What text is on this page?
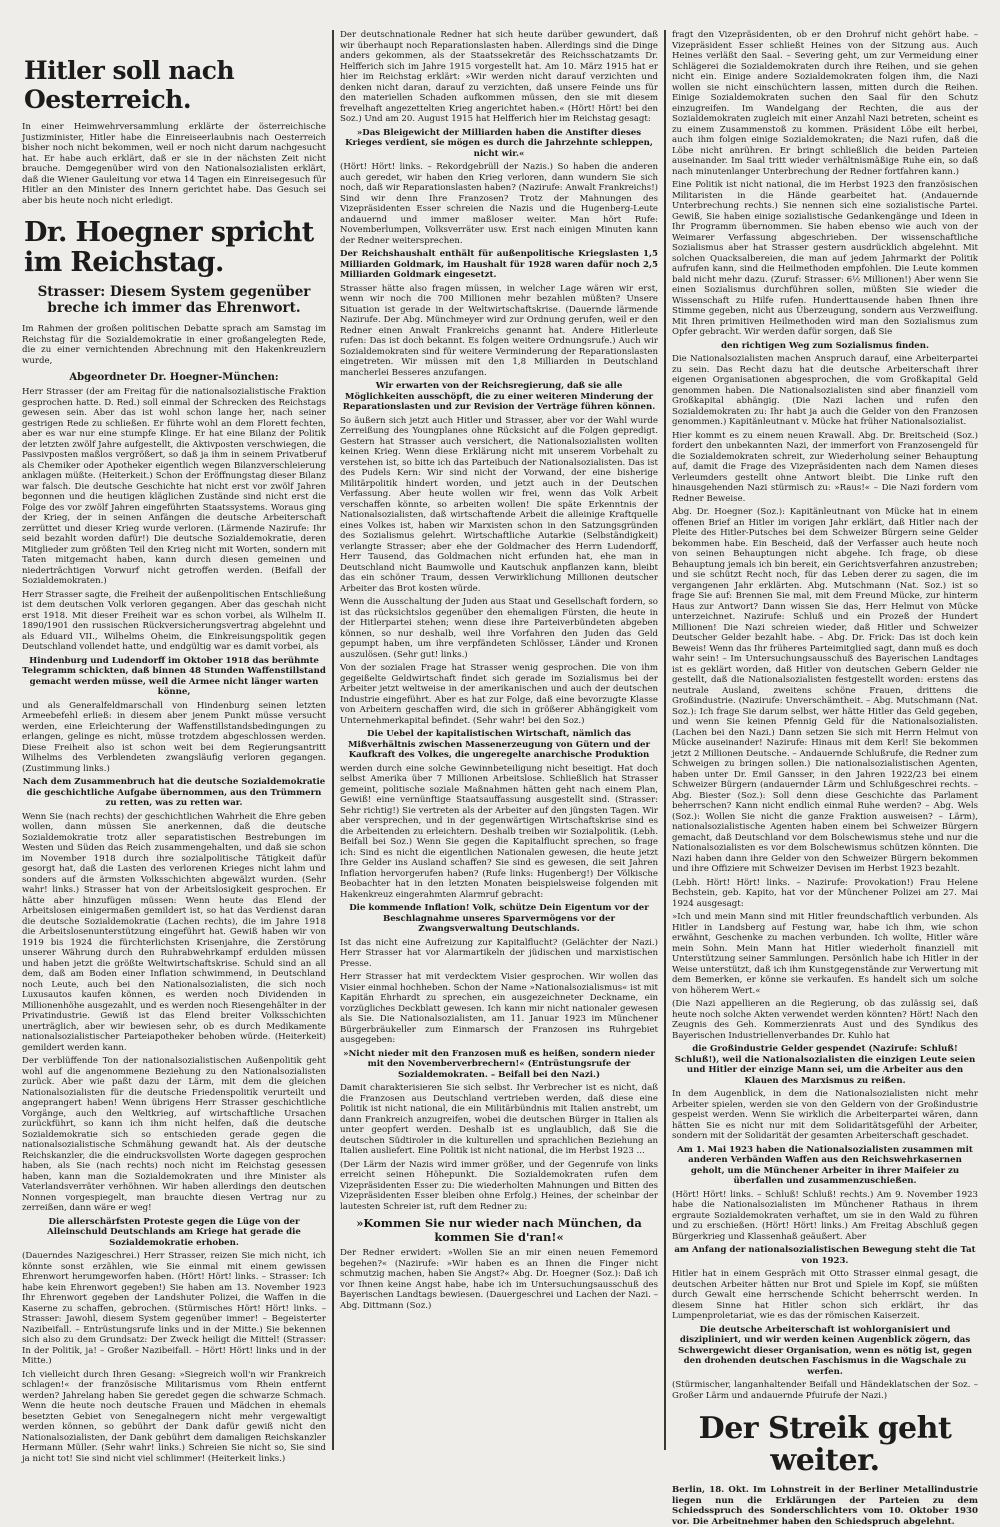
Hitler soll nach Oesterreich.

In einer Heimwehrversammlung erklärte der österreichische Justizminister, Hitler habe die Einreiseerlaubnis nach Oesterreich bisher noch nicht bekommen, weil er noch nicht darum nachgesucht hat. Er habe auch erklärt, daß er sie in der nächsten Zeit nicht brauche. Demgegenüber wird von den Nationalsozialisten erklärt, daß die Wiener Gauleitung vor etwa 14 Tagen ein Einreisegesuch für Hitler an den Minister des Innern gerichtet habe. Das Gesuch sei aber bis heute noch nicht erledigt.

Dr. Hoegner spricht im Reichstag.
Strasser: Diesem System gegenüber breche ich immer das Ehrenwort.

Im Rahmen der großen politischen Debatte sprach am Samstag im Reichstag für die Sozialdemokratie in einer großangelegten Rede, die zu einer vernichtenden Abrechnung mit den Hakenkreuzlern wurde,

Abgeordneter Dr. Hoegner-München:

Herr Strasser (der am Freitag für die nationalsozialistische Fraktion gesprochen hatte. D. Red.) soll einmal der Schrecken des Reichstags gewesen sein. Aber das ist wohl schon lange her, nach seiner gestrigen Rede zu schließen. Er führte wohl an dem Florett fechten, aber es war nur eine stumpfe Klinge. Er hat eine Bilanz der Politik der letzten zwölf Jahre aufgestellt, die Aktivposten verschwiegen, die Passivposten maßlos vergrößert, so daß ja ihm in seinem Privatberuf als Chemiker oder Apotheker eigentlich wegen Bilanzverschleierung anklagen müßte. (Heiterkeit.) Schon der Eröffnungstag dieser Bilanz war falsch. Die deutsche Geschichte hat nicht erst vor zwölf Jahren begonnen und die heutigen kläglichen Zustände sind nicht erst die Folge des vor zwölf Jahren eingeführten Staatssystems. Woraus ging der Krieg, der in seinen Anfängen die deutsche Arbeiterschaft zerrüttet und dieser Krieg wurde verloren. (Lärmende Nazirufe: Ihr seid bezahlt worden dafür!) Die deutsche Sozialdemokratie, deren Mitglieder zum größten Teil den Krieg nicht mit Worten, sondern mit Taten mitgemacht haben, kann durch diesen gemeinen und niederträchtigen Vorwurf nicht getroffen werden. (Beifall der Sozialdemokraten.)

Herr Strasser sagte, die Freiheit der außenpolitischen Entschließung ist dem deutschen Volk verloren gegangen. Aber das geschah nicht erst 1918. Mit dieser Freiheit war es schon vorbei, als Wilhelm II. 1890/1901 den russischen Rückversicherungsvertrag abgelehnt und als Eduard VII., Wilhelms Oheim, die Einkreisungspolitik gegen Deutschland vollendet hatte, und endgültig war es damit vorbei, als

Hindenburg und Ludendorff im Oktober 1918 das berühmte Telegramm schickten, daß binnen 48 Stunden Waffenstillstand gemacht werden müsse, weil die Armee nicht länger warten könne,

und als Generalfeldmarschall von Hindenburg seinen letzten Armeebefehl erließ: in diesem aber jenem Punkt müsse versucht werden, eine Erleichterung der Waffenstillstandsbedingungen zu erlangen, gelinge es nicht, müsse trotzdem abgeschlossen werden. Diese Freiheit also ist schon weit bei dem Regierungsantritt Wilhelms des Verblendeten zwangsläufig verloren gegangen. (Zustimmung links.)

Nach dem Zusammenbruch hat die deutsche Sozialdemokratie die geschichtliche Aufgabe übernommen, aus den Trümmern zu retten, was zu retten war.

Wenn Sie (nach rechts) der geschichtlichen Wahrheit die Ehre geben wollen, dann müssen Sie anerkennen, daß die deutsche Sozialdemokratie trotz aller separatistischen Bestrebungen im Westen und Süden das Reich zusammengehalten, und daß sie schon im November 1918 durch ihre sozialpolitische Tätigkeit dafür gesorgt hat, daß die Lasten des verlorenen Krieges nicht lahm und sonders auf die ärmsten Volksschichten abgewälzt wurden. (Sehr wahr! links.) Strasser hat von der Arbeitslosigkeit gesprochen. Er hätte aber hinzufügen müssen: Wenn heute das Elend der Arbeitslosen einigermaßen gemildert ist, so hat das Verdienst daran die deutsche Sozialdemokratie (Lachen rechts), die im Jahre 1918 die Arbeitslosenunterstützung eingeführt hat. Gewiß haben wir von 1919 bis 1924 die fürchterlichsten Krisenjahre, die Zerstörung unserer Währung durch den Ruhrabwehrkampf erdulden müssen und haben jetzt die größte Weltwirtschaftskrise. Schuld sind an all dem, daß am Boden einer Inflation schwimmend, in Deutschland noch Leute, auch bei den Nationalsozialisten, die sich noch Luxusautos kaufen können, es werden noch Dividenden in Millionenhöhe ausgezahlt, und es werden noch Riesengehälter in der Privatindustrie. Gewiß ist das Elend breiter Volksschichten unerträglich, aber wir bewiesen sehr, ob es durch Medikamente nationalsozialistischer Parteiapotheker behoben würde. (Heiterkeit) gemildert werden kann.

Der verblüffende Ton der nationalsozialistischen Außenpolitik geht wohl auf die angenommene Beziehung zu den Nationalsozialisten zurück. Aber wie paßt dazu der Lärm, mit dem die gleichen Nationalsozialisten für die deutsche Friedenspolitik verurteilt und angeprangert haben! Wenn übrigens Herr Strasser geschichtliche Vorgänge, auch den Weltkrieg, auf wirtschaftliche Ursachen zurückführt, so kann ich ihm nicht helfen, daß die deutsche Sozialdemokratie sich so entschieden gerade gegen die nationalsozialistische Schmähung gewandt hat. Als der deutsche Reichskanzler, die die eindrucksvollsten Worte dagegen gesprochen haben, als Sie (nach rechts) noch nicht im Reichstag gesessen haben, kann man die Sozialdemokraten und ihre Minister als Vaterlandsverräter verhöhnen. Wir haben allerdings den deutschen Nonnen vorgespiegelt, man brauchte diesen Vertrag nur zu zerreißen, dann wäre er weg!

Die allerschärfsten Proteste gegen die Lüge von der Alleinschuld Deutschlands am Kriege hat gerade die Sozialdemokratie erhoben.

(Dauerndes Nazigeschrei.) Herr Strasser, reizen Sie mich nicht, ich könnte sonst erzählen, wie Sie einmal mit einem gewissen Ehrenwort herumgeworfen haben. (Hört! Hört! links. – Strasser: Ich habe kein Ehrenwort gegeben!) Sie haben am 13. November 1923 Ihr Ehrenwort gegeben der Landshuter Polizei, die Waffen in die Kaserne zu schaffen, gebrochen. (Stürmisches Hört! Hört! links. – Strasser: Jawohl, diesem System gegenüber immer! – Begeisterter Nazibeifall. – Entrüstungsrufe links und in der Mitte.) Sie bekennen sich also zu dem Grundsatz: Der Zweck heiligt die Mittel! (Strasser: In der Politik, ja! – Großer Nazibeifall. – Hört! Hört! links und in der Mitte.)

Ich vielleicht durch Ihren Gesang: »Siegreich woll'n wir Frankreich schlagen!« der französische Militarismus vom Rhein entfernt werden? Jahrelang haben Sie geredet gegen die schwarze Schmach. Wenn die heute noch deutsche Frauen und Mädchen in ehemals besetzten Gebiet von Senegalnegern nicht mehr vergewaltigt werden können, so gebührt der Dank dafür gewiß nicht den Nationalsozialisten, der Dank gebührt dem damaligen Reichskanzler Hermann Müller. (Sehr wahr! links.) Schreien Sie nicht so, Sie sind ja nicht tot! Sie sind nicht viel schlimmer! (Heiterkeit links.)

Der deutschnationale Redner hat sich heute darüber gewundert, daß wir überhaupt noch Reparationslasten haben. Allerdings sind die Dinge anders gekommen, als der Staatssekretär des Reichsschatzamts Dr. Helfferich sich im Jahre 1915 vorgestellt hat. Am 10. März 1915 hat er hier im Reichstag erklärt: »Wir werden nicht darauf verzichten und denken nicht daran, darauf zu verzichten, daß unsere Feinde uns für den materiellen Schaden aufkommen müssen, den sie mit diesem frevelhaft angezettelten Krieg angerichtet haben.« (Hört! Hört! bei den Soz.) Und am 20. August 1915 hat Helfferich hier im Reichstag gesagt:

»Das Bleigewicht der Milliarden haben die Anstifter dieses Krieges verdient, sie mögen es durch die Jahrzehnte schleppen, nicht wir.«

(Hört! Hört! links. – Rekordgebrüll der Nazis.) So haben die anderen auch geredet, wir haben den Krieg verloren, dann wundern Sie sich noch, daß wir Reparationslasten haben? (Nazirufe: Anwalt Frankreichs!) Sind wir denn Ihre Franzosen? Trotz der Mahnungen des Vizepräsidenten Esser schreien die Nazis und die Hugenberg-Leute andauernd und immer maßloser weiter. Man hört Rufe: Novemberlumpen, Volksverräter usw. Erst nach einigen Minuten kann der Redner weitersprechen.

Der Reichshaushalt enthält für außenpolitische Kriegslasten 1,5 Milliarden Goldmark, im Haushalt für 1928 waren dafür noch 2,5 Milliarden Goldmark eingesetzt.

Strasser hätte also fragen müssen, in welcher Lage wären wir erst, wenn wir noch die 700 Millionen mehr bezahlen müßten? Unsere Situation ist gerade in der Weltwirtschaftskrise. (Dauernde lärmende Nazirufe. Der Abg. Münchmeyer wird zur Ordnung gerufen, weil er den Redner einen Anwalt Frankreichs genannt hat. Andere Hitlerleute rufen: Das ist doch bekannt. Es folgen weitere Ordnungsrufe.) Auch wir Sozialdemokraten sind für weitere Verminderung der Reparationslasten eingetreten. Wir müssen mit den 1,8 Milliarden in Deutschland mancherlei Besseres anzufangen.

Wir erwarten von der Reichsregierung, daß sie alle Möglichkeiten ausschöpft, die zu einer weiteren Minderung der Reparationslasten und zur Revision der Verträge führen können.

So äußern sich jetzt auch Hitler und Strasser, aber vor der Wahl wurde Zerreißung des Youngplanes ohne Rücksicht auf die Folgen gepredigt. Gestern hat Strasser auch versichert, die Nationalsozialisten wollten keinen Krieg. Wenn diese Erklärung nicht mit unserem Vorbehalt zu verstehen ist, so bitte ich das Parteibuch der Nationalsozialisten. Das ist des Pudels Kern: Wir sind nicht der Vorwand, der eine bisherige Militärpolitik hindert worden, und jetzt auch in der Deutschen Verfassung. Aber heute wollen wir frei, wenn das Volk Arbeit verschaffen könnte, so arbeiten wollen! Die späte Erkenntnis der Nationalsozialisten, daß wirtschaftende Arbeit die alleinige Kraftquelle eines Volkes ist, haben wir Marxisten schon in den Satzungsgründen des Sozialismus gelehrt. Wirtschaftliche Autarkie (Selbständigkeit) verlangte Strasser; aber ehe der Goldmacher des Herrn Ludendorff, Herr Tausend, das Goldmachen nicht erfunden hat, ehe man in Deutschland nicht Baumwolle und Kautschuk anpflanzen kann, bleibt das ein schöner Traum, dessen Verwirklichung Millionen deutscher Arbeiter das Brot kosten würde.

Wenn die Ausschaltung der Juden aus Staat und Gesellschaft fordern, so ist das rücksichtslos gegenüber den ehemaligen Fürsten, die heute in der Hitlerpartei stehen; wenn diese ihre Parteiverbündeten abgeben können, so nur deshalb, weil ihre Vorfahren den Juden das Geld gepumpt haben, um ihre verpfändeten Schlösser, Länder und Kronen auszulösen. (Sehr gut! links.)

Von der sozialen Frage hat Strasser wenig gesprochen. Die von ihm gegeißelte Geldwirtschaft findet sich gerade im Sozialismus bei der Arbeiter jetzt weltweise in der amerikanischen und auch der deutschen Industrie eingeführt. Aber es hat zur Folge, daß eine bevorzugte Klasse von Arbeitern geschaffen wird, die sich in größerer Abhängigkeit vom Unternehmerkapital befindet. (Sehr wahr! bei den Soz.)

Die Uebel der kapitalistischen Wirtschaft, nämlich das Mißverhältnis zwischen Massenerzeugung von Gütern und der Kaufkraft des Volkes, die ungeregelte anarchische Produktion

werden durch eine solche Gewinnbeteiligung nicht beseitigt. Hat doch selbst Amerika über 7 Millionen Arbeitslose. Schließlich hat Strasser gemeint, politische soziale Maßnahmen hätten geht nach einem Plan, Gewiß! eine vernünftige Staatsauffassung ausgestellt sind. (Strasser: Sehr richtig!) Sie vertreten als der Arbeiter auf den jüngsten Tagen. Wir aber versprechen, und in der gegenwärtigen Wirtschaftskrise sind es die Arbeitenden zu erleichtern. Deshalb treiben wir Sozialpolitik. (Lebh. Beifall bei Soz.) Wenn Sie gegen die Kapitalflucht sprechen, so frage ich: Sind es nicht die eigentlichen Nationalen gewesen, die heute jetzt Ihre Gelder ins Ausland schaffen? Sie sind es gewesen, die seit Jahren Inflation hervorgerufen haben? (Rufe links: Hugenberg!) Der Völkische Beobachter hat in den letzten Monaten beispielsweise folgenden mit Hakenkreuz eingerahmten Alarmruf gebracht:

Die kommende Inflation! Volk, schütze Dein Eigentum vor der Beschlagnahme unseres Sparvermögens vor der Zwangsverwaltung Deutschlands.

Ist das nicht eine Aufreizung zur Kapitalflucht? (Gelächter der Nazi.) Herr Strasser hat vor Alarmartikeln der jüdischen und marxistischen Presse.

Herr Strasser hat mit verdecktem Visier gesprochen. Wir wollen das Visier einmal hochheben. Schon der Name »Nationalsozialismus« ist mit Kapitän Ehrhardt zu sprechen, ein ausgezeichneter Deckname, ein vorzügliches Deckblatt gewesen. Ich kann mir nicht nationaler gewesen als Sie. Die Nationalsozialisten, am 11. Januar 1923 im Münchener Bürgerbräukeller zum Einmarsch der Franzosen ins Ruhrgebiet ausgegeben:

»Nicht nieder mit den Franzosen muß es heißen, sondern nieder mit den Novemberverbrechern!« (Entrüstungsrufe der Sozialdemokraten. – Beifall bei den Nazi.)

Damit charakterisieren Sie sich selbst. Ihr Verbrecher ist es nicht, daß die Franzosen aus Deutschland vertrieben werden, daß diese eine Politik ist nicht national, die ein Militärbündnis mit Italien anstrebt, um dann Frankreich anzugreifen, wobei die deutschen Bürger in Italien als unter geopfert werden. Deshalb ist es unglaublich, daß Sie die deutschen Südtiroler in die kulturellen und sprachlichen Beziehung an Italien ausliefert. Eine Politik ist nicht national, die im Herbst 1923 ...

(Der Lärm der Nazis wird immer größer, und der Gegenrufe von links erreicht seinen Höhepunkt. Die Sozialdemokraten rufen dem Vizepräsidenten Esser zu: Die wiederholten Mahnungen und Bitten des Vizepräsidenten Esser bleiben ohne Erfolg.) Heines, der scheinbar der lautesten Schreier ist, ruft dem Redner zu:

»Kommen Sie nur wieder nach München, da kommen Sie d'ran!«

Der Redner erwidert: »Wollen Sie an mir einen neuen Fememord begehen?« (Nazirufe: »Wir haben es an Ihnen die Finger nicht schmutzig machen, haben Sie Angst?« Abg. Dr. Hoegner (Soz.): Daß ich vor Ihnen keine Angst habe, habe ich im Untersuchungsausschuß des Bayerischen Landtags bewiesen. (Dauergeschrei und Lachen der Nazi. – Abg. Dittmann (Soz.)

fragt den Vizepräsidenten, ob er den Drohruf nicht gehört habe. – Vizepräsident Esser schließt Heines von der Sitzung aus. Auch Heines verläßt den Saal. – Severing geht, um zur Vermeidung einer Schlägerei die Sozialdemokraten durch ihre Reihen, und sie gehen nicht ein. Einige andere Sozialdemokraten folgen ihm, die Nazi wollen sie nicht einschüchtern lassen, mitten durch die Reihen. Einige Sozialdemokraten suchen den Saal für den Schutz einzugreifen. Im Wandelgang der Rechten, die aus der Sozialdemokraten zugleich mit einer Anzahl Nazi betreten, scheint es zu einem Zusammenstoß zu kommen. Präsident Löbe eilt herbei, auch ihm folgen einige Sozialdemokraten; die Nazi rufen, daß die Löbe nicht anrühren. Er bringt schließlich die beiden Parteien auseinander. Im Saal tritt wieder verhältnismäßige Ruhe ein, so daß nach minutenlanger Unterbrechung der Redner fortfahren kann.)

Eine Politik ist nicht national, die im Herbst 1923 den französischen Militaristen in die Hände gearbeitet hat. (Andauernde Unterbrechung rechts.) Sie nennen sich eine sozialistische Partei. Gewiß, Sie haben einige sozialistische Gedankengänge und Ideen in Ihr Programm übernommen. Sie haben ebenso wie auch von der Weimarer Verfassung abgeschrieben. Der wissenschaftliche Sozialismus aber hat Strasser gestern ausdrücklich abgelehnt. Mit solchen Quacksalbereien, die man auf jedem Jahrmarkt der Politik aufrufen kann, sind die Heilmethoden empfohlen. Die Leute kommen bald nicht mehr dazu. (Zuruf: Strasser: 6½ Millionen!) Aber wenn Sie einen Sozialismus durchführen sollen, müßten Sie wieder die Wissenschaft zu Hilfe rufen. Hunderttausende haben Ihnen ihre Stimme gegeben, nicht aus Überzeugung, sondern aus Verzweiflung. Mit Ihren primitiven Heilmethoden wird man den Sozialismus zum Opfer gebracht. Wir werden dafür sorgen, daß Sie

den richtigen Weg zum Sozialismus finden.

Die Nationalsozialisten machen Anspruch darauf, eine Arbeiterpartei zu sein. Das Recht dazu hat die deutsche Arbeiterschaft ihrer eigenen Organisationen abgesprochen, die vom Großkapital Geld genommen haben. Die Nationalsozialisten sind aber finanziell vom Großkapital abhängig. (Die Nazi lachen und rufen den Sozialdemokraten zu: Ihr habt ja auch die Gelder von den Franzosen genommen.) Kapitänleutnant v. Mücke hat früher Nationalsozialist.

Hier kommt es zu einem neuen Krawall. Abg. Dr. Breitscheid (Soz.) fordert den unbekannten Nazi, der immerfort von Franzosengeld für die Sozialdemokraten schreit, zur Wiederholung seiner Behauptung auf, damit die Frage des Vizepräsidenten nach dem Namen dieses Verleumders gestellt ohne Antwort bleibt. Die Linke ruft den hinausgehenden Nazi stürmisch zu: »Raus!« – Die Nazi fordern vom Redner Beweise.

Abg. Dr. Hoegner (Soz.): Kapitänleutnant von Mücke hat in einem offenen Brief an Hitler im vorigen Jahr erklärt, daß Hitler nach der Pleite des Hitler-Putsches bei dem Schweizer Bürgern seine Gelder bekommen habe. Ein Bescheid, daß der Verfasser auch heute noch von seinen Behauptungen nicht abgehe. Ich frage, ob diese Behauptung jemals ich bin bereit, ein Gerichtsverfahren anzustreben; und sie schützt Recht noch, für das Leben derer zu sagen, die im vergangenen Jahr erklärten. Abg. Mutschmann (Nat. Soz.) ist so frage Sie auf: Brennen Sie mal, mit dem Freund Mücke, zur hinterm Haus zur Antwort? Dann wissen Sie das, Herr Helmut von Mücke unterzeichnet. Nazirufe: Schluß und ein Prozeß der Hundert Millionen! Die Nazi schreien wieder, daß Hitler und Schweizer Deutscher Gelder bezahlt habe. – Abg. Dr. Frick: Das ist doch kein Beweis! Wenn das Ihr früheres Parteimitglied sagt, dann muß es doch wahr sein! – Im Untersuchungsausschuß des Bayerischen Landtages ist es geklärt worden, daß Hitler von deutschen Gebern Gelder nie gestellt, daß die Nationalsozialisten festgestellt worden: erstens das neutrale Ausland, zweitens schöne Frauen, drittens die Großindustrie. (Nazirufe: Unverschämtheit. – Abg. Mutschmann (Nat. Soz.): Ich frage Sie darum selbst, wer hätte Hitler das Geld gegeben, und wenn Sie keinen Pfennig Geld für die Nationalsozialisten. (Lachen bei den Nazi.) Dann setzen Sie sich mit Herrn Helmut von Mücke auseinander! Nazirufe: Hinaus mit dem Kerl! Sie bekommen jetzt 2 Millionen Deutsche. – Andauernde Schlußrufe, die Redner zum Schweigen zu bringen sollen.) Die nationalsozialistischen Agenten, haben unter Dr. Emil Gansser, in den Jahren 1922/23 bei einem Schweizer Bürgern (andauernder Lärm und Schlußgeschrei rechts. – Abg. Biester (Soz.): Soll denn diese Geschichte das Parlament beherrschen? Kann nicht endlich einmal Ruhe werden? – Abg. Wels (Soz.): Wollen Sie nicht die ganze Fraktion ausweisen? – Lärm), nationalsozialistische Agenten haben einem bei Schweizer Bürgern gemacht, daß Deutschland vor dem Bolschewismus stehe und nur die Nationalsozialisten es vor dem Bolschewismus schützen könnten. Die Nazi haben dann ihre Gelder von den Schweizer Bürgern bekommen und ihre Offiziere mit Schweizer Devisen im Herbst 1923 bezahlt.

(Lebh. Hört! Hört! links. – Nazirufe: Provokation!) Frau Helene Bechstein, geb. Kapito, hat vor der Münchener Polizei am 27. Mai 1924 ausgesagt:

»Ich und mein Mann sind mit Hitler freundschaftlich verbunden. Als Hitler in Landsberg auf Festung war, habe ich ihm, wie schon erwähnt, Geschenke zu machen verbunden. Ich wollte, Hitler wäre mein Sohn. Mein Mann hat Hitler wiederholt finanziell mit Unterstützung seiner Sammlungen. Persönlich habe ich Hitler in der Weise unterstützt, daß ich ihm Kunstgegenstände zur Verwertung mit dem Bemerken, er könne sie verkaufen. Es handelt sich um solche von höherem Wert.«

(Die Nazi appellieren an die Regierung, ob das zulässig sei, daß heute noch solche Akten verwendet werden könnten? Hört! Nach den Zeugnis des Geh. Kommerzienrats Aust und des Syndikus des Bayerischen Industriellenverbandes Dr. Kuhlo hat

die Großindustrie Gelder gespendet (Nazirufe: Schluß! Schluß!), weil die Nationalsozialisten die einzigen Leute seien und Hitler der einzige Mann sei, um die Arbeiter aus den Klauen des Marxismus zu reißen.

In dem Augenblick, in dem die Nationalsozialisten nicht mehr Arbeiter spielen, werden sie von den Geldern von der Großindustrie gespeist werden. Wenn Sie wirklich die Arbeiterpartei wären, dann hätten Sie es nicht nur mit dem Solidaritätsgefühl der Arbeiter, sondern mit der Solidarität der gesamten Arbeiterschaft geschadet.

Am 1. Mai 1923 haben die Nationalsozialisten zusammen mit anderen Verbänden Waffen aus den Reichswehrkasernen geholt, um die Münchener Arbeiter in ihrer Maifeier zu überfallen und zusammenzuschießen.

(Hört! Hört! links. – Schluß! Schluß! rechts.) Am 9. November 1923 habe die Nationalsozialisten im Münchener Rathaus in ihrem ergraute Sozialdemokraten verhaftet, um sie in den Wald zu führen und zu erschießen. (Hört! Hört! links.) Am Freitag Abschluß gegen Bürgerkrieg und Klassenhaß geäußert. Aber

am Anfang der nationalsozialistischen Bewegung steht die Tat von 1923.

Hitler hat in einem Gespräch mit Otto Strasser einmal gesagt, die deutschen Arbeiter hätten nur Brot und Spiele im Kopf, sie müßten durch Gewalt eine herrschende Schicht beherrscht werden. In diesem Sinne hat Hitler schon sich erklärt, ihr das Lumpenproletariat, wie es das der römischen Kaiserzeit.

Die deutsche Arbeiterschaft ist wohlorganisiert und diszipliniert, und wir werden keinen Augenblick zögern, das Schwergewicht dieser Organisation, wenn es nötig ist, gegen den drohenden deutschen Faschismus in die Wagschale zu werfen.

(Stürmischer, langanhaltender Beifall und Händeklatschen der Soz. – Großer Lärm und andauernde Pfuirufe der Nazi.)

Der Streik geht weiter.

Berlin, 18. Okt. Im Lohnstreit in der Berliner Metallindustrie liegen nun die Erklärungen der Parteien zu dem Schiedsspruch des Sonderschlichters vom 10. Oktober 1930 vor. Die Arbeitnehmer haben den Schiedspruch abgelehnt.
